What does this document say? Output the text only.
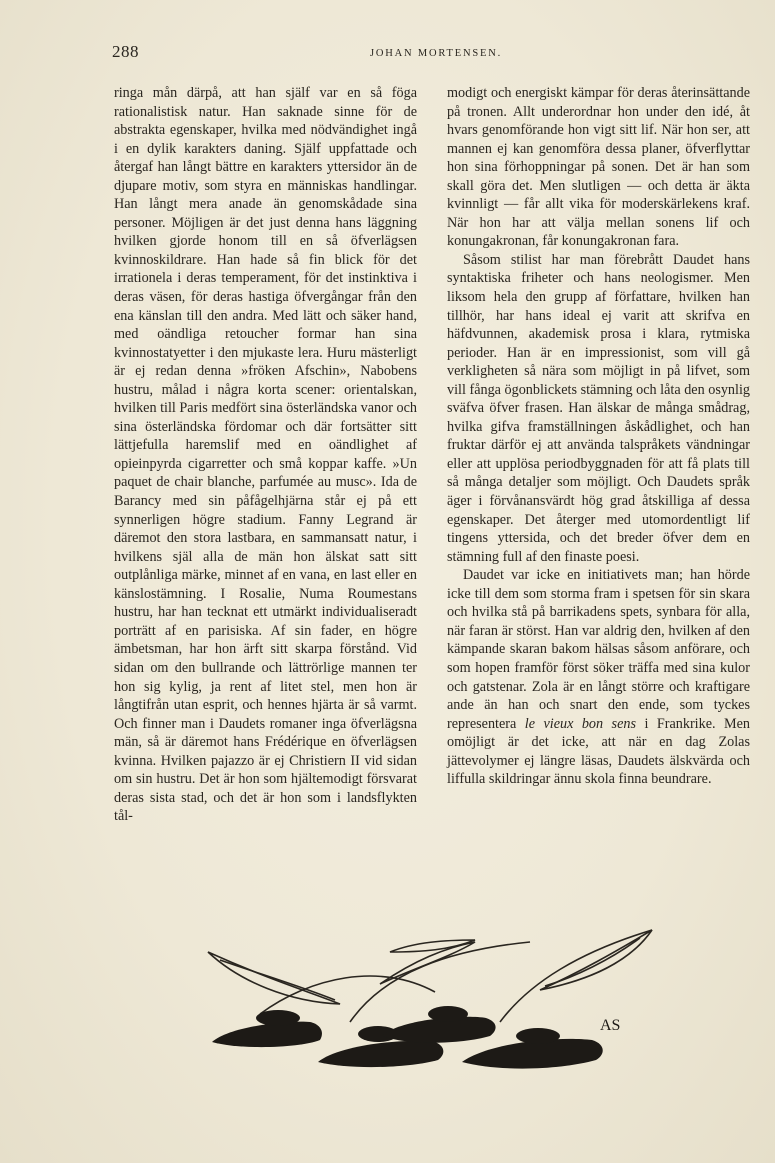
288	JOHAN MORTENSEN.

ringa mån därpå, att han själf var en så föga rationalistisk natur. Han saknade sinne för de abstrakta egenskaper, hvilka med nödvändighet ingå i en dylik karakters daning. Själf uppfattade och återgaf han långt bättre en karakters yttersidor än de djupare motiv, som styra en människas handlingar. Han långt mera anade än genomskådade sina personer. Möjligen är det just denna hans läggning hvilken gjorde honom till en så öfverlägsen kvinnoskildrare. Han hade så fin blick för det irrationela i deras temperament, för det instinktiva i deras väsen, för deras hastiga öfvergångar från den ena känslan till den andra. Med lätt och säker hand, med oändliga retoucher formar han sina kvinnostatyetter i den mjukaste lera. Huru mästerligt är ej redan denna »fröken Afschin», Nabobens hustru, målad i några korta scener: orientalskan, hvilken till Paris medfört sina österländska vanor och sina österländska fördomar och där fortsätter sitt lättjefulla haremslif med en oändlighet af opieinpyrda cigarretter och små koppar kaffe. »Un paquet de chair blanche, parfumée au musc». Ida de Barancy med sin påfågelhjärna står ej på ett synnerligen högre stadium. Fanny Legrand är däremot den stora lastbara, en sammansatt natur, i hvilkens själ alla de män hon älskat satt sitt outplånliga märke, minnet af en vana, en last eller en känslostämning. I Rosalie, Numa Roumestans hustru, har han tecknat ett utmärkt individualiseradt porträtt af en parisiska. Af sin fader, en högre ämbetsman, har hon ärft sitt skarpa förstånd. Vid sidan om den bullrande och lättrörlige mannen ter hon sig kylig, ja rent af litet stel, men hon är långtifrån utan esprit, och hennes hjärta är så varmt. Och finner man i Daudets romaner inga öfverlägsna män, så är däremot hans Frédérique en öfverlägsen kvinna. Hvilken pajazzo är ej Christiern II vid sidan om sin hustru. Det är hon som hjältemodigt försvarat deras sista stad, och det är hon som i landsflykten tål-

modigt och energiskt kämpar för deras återinsättande på tronen. Allt underordnar hon under den idé, åt hvars genomförande hon vigt sitt lif. När hon ser, att mannen ej kan genomföra dessa planer, öfverflyttar hon sina förhoppningar på sonen. Det är han som skall göra det. Men slutligen — och detta är äkta kvinnligt — får allt vika för moderskärlekens kraf. När hon har att välja mellan sonens lif och konungakronan, får konungakronan fara.

Såsom stilist har man förebrått Daudet hans syntaktiska friheter och hans neologismer. Men liksom hela den grupp af författare, hvilken han tillhör, har hans ideal ej varit att skrifva en häfdvunnen, akademisk prosa i klara, rytmiska perioder. Han är en impressionist, som vill gå verkligheten så nära som möjligt in på lifvet, som vill fånga ögonblickets stämning och låta den osynlig sväfva öfver frasen. Han älskar de många smådrag, hvilka gifva framställningen åskådlighet, och han fruktar därför ej att använda talspråkets vändningar eller att upplösa periodbyggnaden för att få plats till så många detaljer som möjligt. Och Daudets språk äger i förvånansvärdt hög grad åtskilliga af dessa egenskaper. Det återger med utomordentligt lif tingens yttersida, och det breder öfver dem en stämning full af den finaste poesi.

Daudet var icke en initiativets man; han hörde icke till dem som storma fram i spetsen för sin skara och hvilka stå på barrikadens spets, synbara för alla, när faran är störst. Han var aldrig den, hvilken af den kämpande skaran bakom hälsas såsom anförare, och som hopen framför först söker träffa med sina kulor och gatstenar. Zola är en långt större och kraftigare ande än han och snart den ende, som tyckes representera le vieux bon sens i Frankrike. Men omöjligt är det icke, att när en dag Zolas jättevolymer ej längre läsas, Daudets älskvärda och liffulla skildringar ännu skola finna beundrare.

AS
